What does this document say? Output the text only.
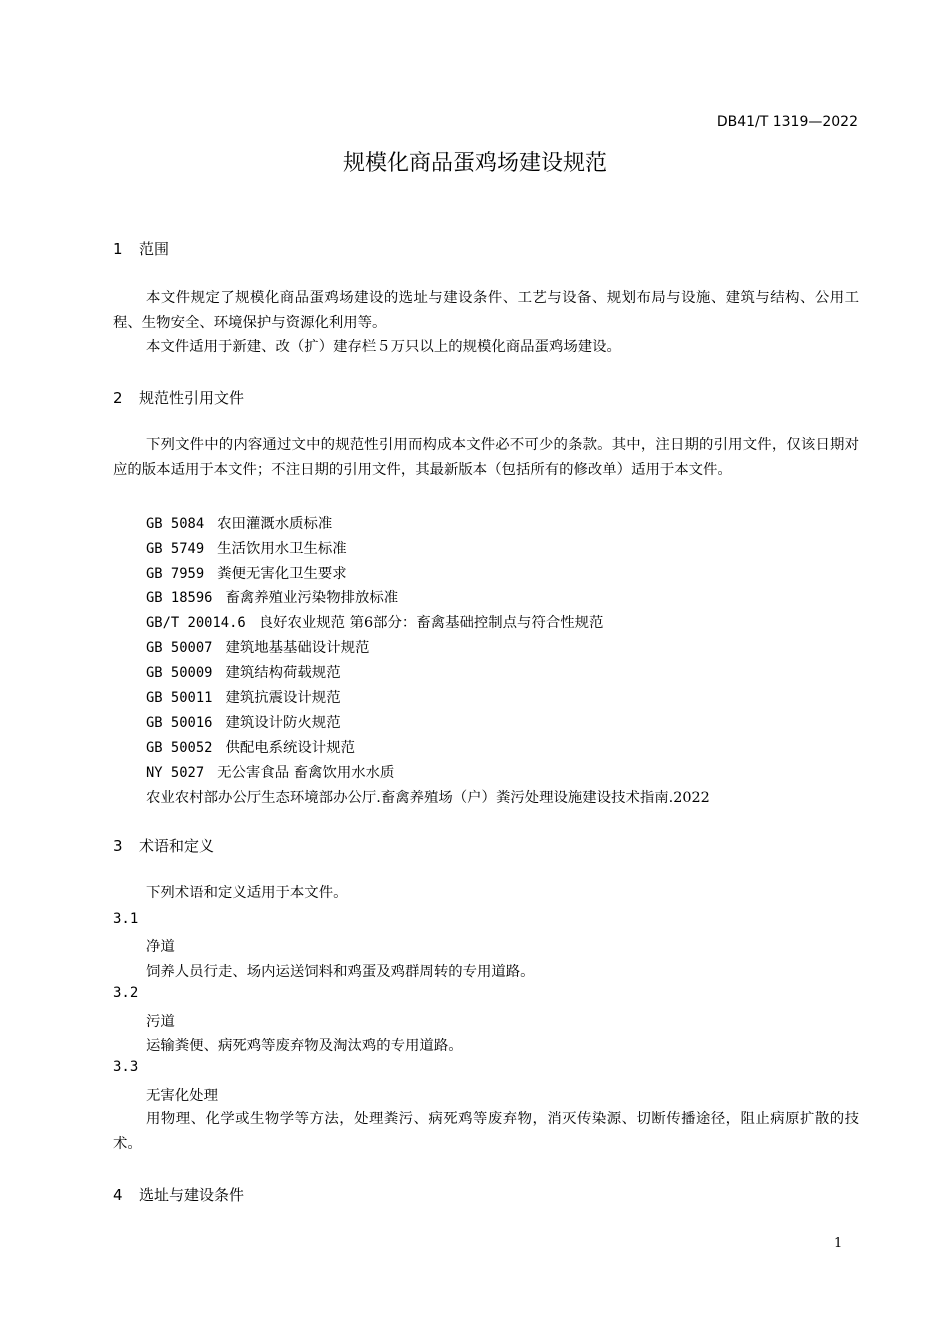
DB41/T 1319—2022
规模化商品蛋鸡场建设规范
1 范围
本文件规定了规模化商品蛋鸡场建设的选址与建设条件、工艺与设备、规划布局与设施、建筑与结构、公用工程、生物安全、环境保护与资源化利用等。
本文件适用于新建、改（扩）建存栏５万只以上的规模化商品蛋鸡场建设。
2 规范性引用文件
下列文件中的内容通过文中的规范性引用而构成本文件必不可少的条款。其中，注日期的引用文件，仅该日期对应的版本适用于本文件；不注日期的引用文件，其最新版本（包括所有的修改单）适用于本文件。
GB 5084 农田灌溉水质标准
GB 5749 生活饮用水卫生标准
GB 7959 粪便无害化卫生要求
GB 18596 畜禽养殖业污染物排放标准
GB/T 20014.6 良好农业规范 第6部分：畜禽基础控制点与符合性规范
GB 50007 建筑地基基础设计规范
GB 50009 建筑结构荷载规范
GB 50011 建筑抗震设计规范
GB 50016 建筑设计防火规范
GB 50052 供配电系统设计规范
NY 5027 无公害食品 畜禽饮用水水质
农业农村部办公厅生态环境部办公厅.畜禽养殖场（户）粪污处理设施建设技术指南.2022
3 术语和定义
下列术语和定义适用于本文件。
3.1
净道
饲养人员行走、场内运送饲料和鸡蛋及鸡群周转的专用道路。
3.2
污道
运输粪便、病死鸡等废弃物及淘汰鸡的专用道路。
3.3
无害化处理
用物理、化学或生物学等方法，处理粪污、病死鸡等废弃物，消灭传染源、切断传播途径，阻止病原扩散的技术。
4 选址与建设条件
1
